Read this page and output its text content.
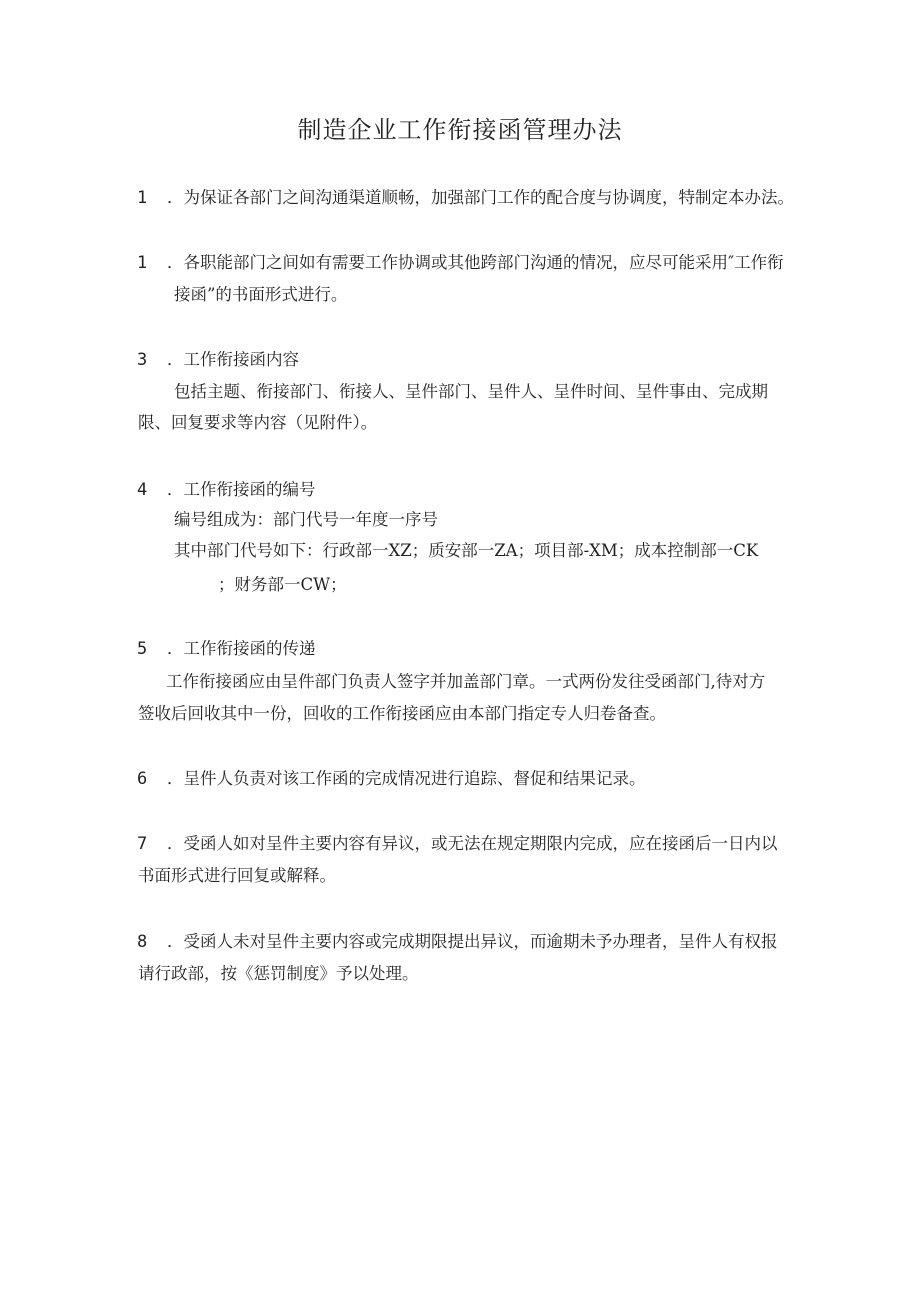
制造企业工作衔接函管理办法

1 ．为保证各部门之间沟通渠道顺畅，加强部门工作的配合度与协调度，特制定本办法。

1 ．各职能部门之间如有需要工作协调或其他跨部门沟通的情况，应尽可能采用″工作衔

接函”的书面形式进行。

3 ．工作衔接函内容

包括主题、衔接部门、衔接人、呈件部门、呈件人、呈件时间、呈件事由、完成期

限、回复要求等内容（见附件）。

4 ．工作衔接函的编号

编号组成为：部门代号一年度一序号

其中部门代号如下：行政部一XZ；质安部一ZA；项目部-XM；成本控制部一CK

；财务部一CW；

5 ．工作衔接函的传递

工作衔接函应由呈件部门负责人签字并加盖部门章。一式两份发往受函部门,待对方

签收后回收其中一份，回收的工作衔接函应由本部门指定专人归卷备查。

6 ．呈件人负责对该工作函的完成情况进行追踪、督促和结果记录。

7 ．受函人如对呈件主要内容有异议，或无法在规定期限内完成，应在接函后一日内以

书面形式进行回复或解释。

8 ．受函人未对呈件主要内容或完成期限提出异议，而逾期未予办理者，呈件人有权报

请行政部，按《惩罚制度》予以处理。
